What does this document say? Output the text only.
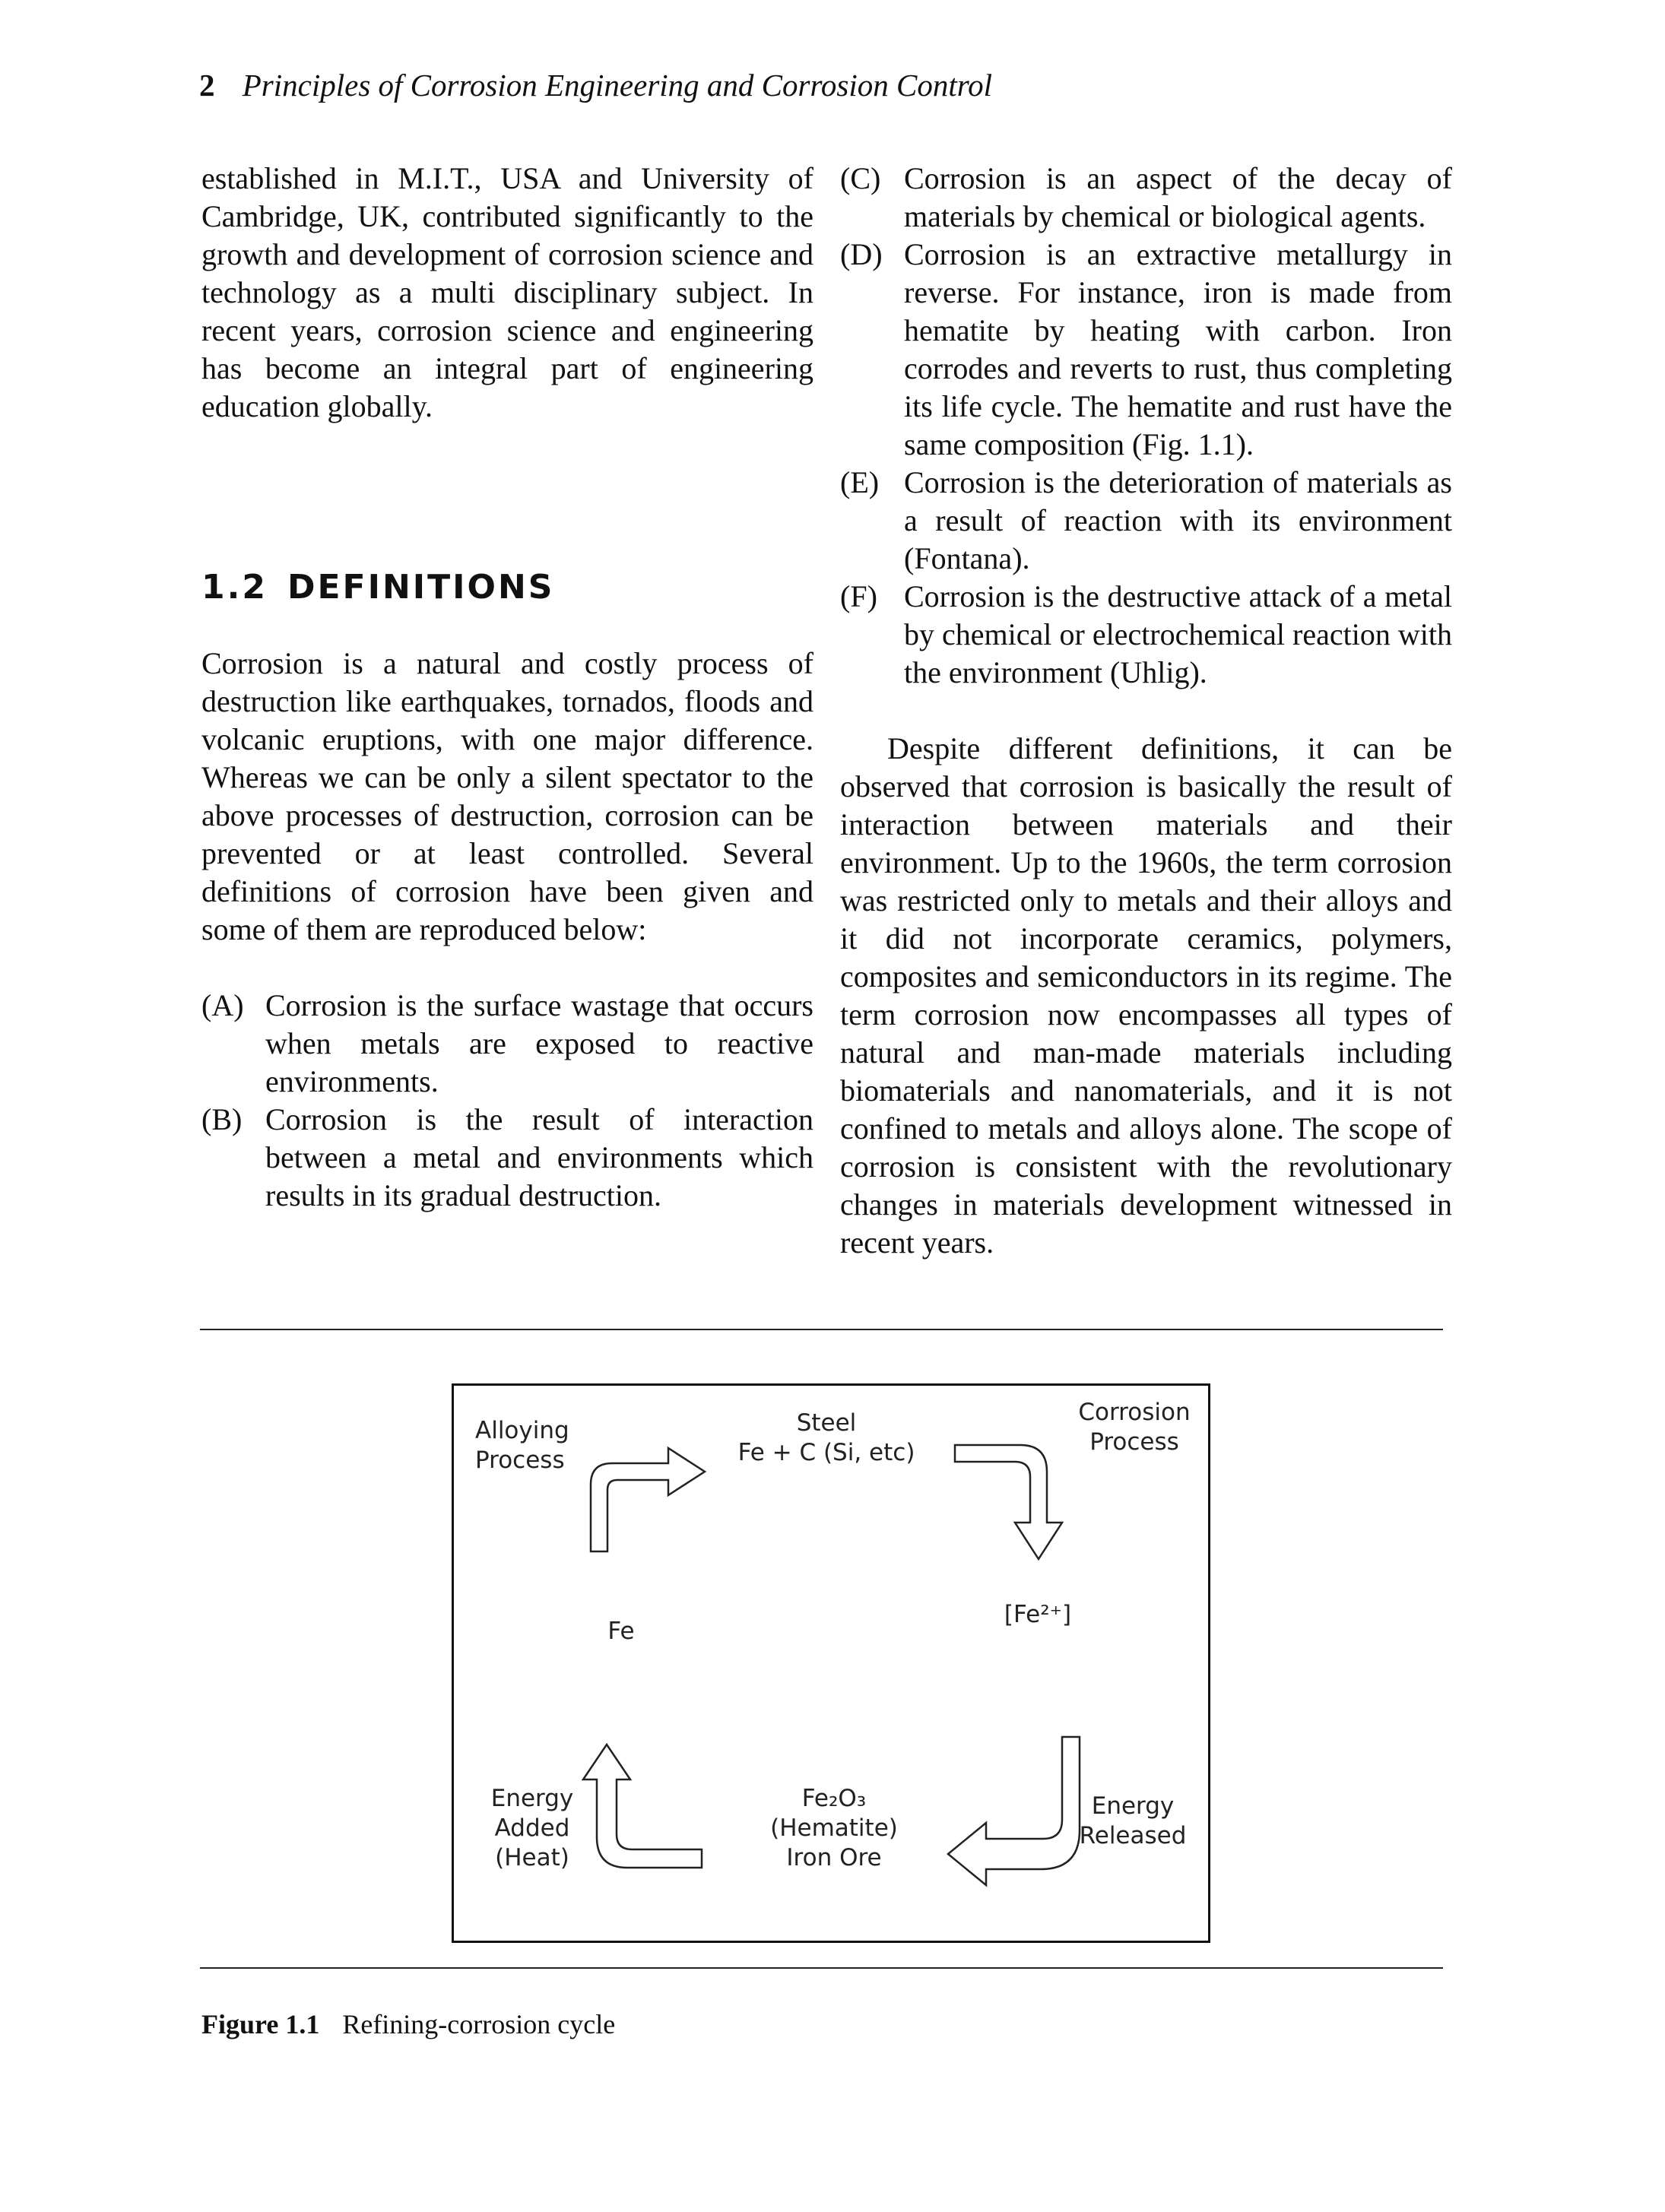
2 Principles of Corrosion Engineering and Corrosion Control

established in M.I.T., USA and University of Cambridge, UK, contributed significantly to the growth and development of corrosion science and technology as a multi disciplinary subject. In recent years, corrosion science and engineering has become an integral part of engineering education globally.

1.2 DEFINITIONS

Corrosion is a natural and costly process of destruction like earthquakes, tornados, floods and volcanic eruptions, with one major difference. Whereas we can be only a silent spectator to the above processes of destruction, corrosion can be prevented or at least controlled. Several definitions of corrosion have been given and some of them are reproduced below:

(A) Corrosion is the surface wastage that occurs when metals are exposed to reactive environments.
(B) Corrosion is the result of interaction between a metal and environments which results in its gradual destruction.
(C) Corrosion is an aspect of the decay of materials by chemical or biological agents.
(D) Corrosion is an extractive metallurgy in reverse. For instance, iron is made from hematite by heating with carbon. Iron corrodes and reverts to rust, thus completing its life cycle. The hematite and rust have the same composition (Fig. 1.1).
(E) Corrosion is the deterioration of materials as a result of reaction with its environment (Fontana).
(F) Corrosion is the destructive attack of a metal by chemical or electrochemical reaction with the environment (Uhlig).

Despite different definitions, it can be observed that corrosion is basically the result of interaction between materials and their environment. Up to the 1960s, the term corrosion was restricted only to metals and their alloys and it did not incorporate ceramics, polymers, composites and semiconductors in its regime. The term corrosion now encompasses all types of natural and man-made materials including biomaterials and nanomaterials, and it is not confined to metals and alloys alone. The scope of corrosion is consistent with the revolutionary changes in materials development witnessed in recent years.

Alloying
Process
Steel
Fe + C (Si, etc)
Corrosion
Process
Fe
[Fe²⁺]
Energy
Added
(Heat)
Fe₂O₃
(Hematite)
Iron Ore
Energy
Released
Figure 1.1 Refining-corrosion cycle
